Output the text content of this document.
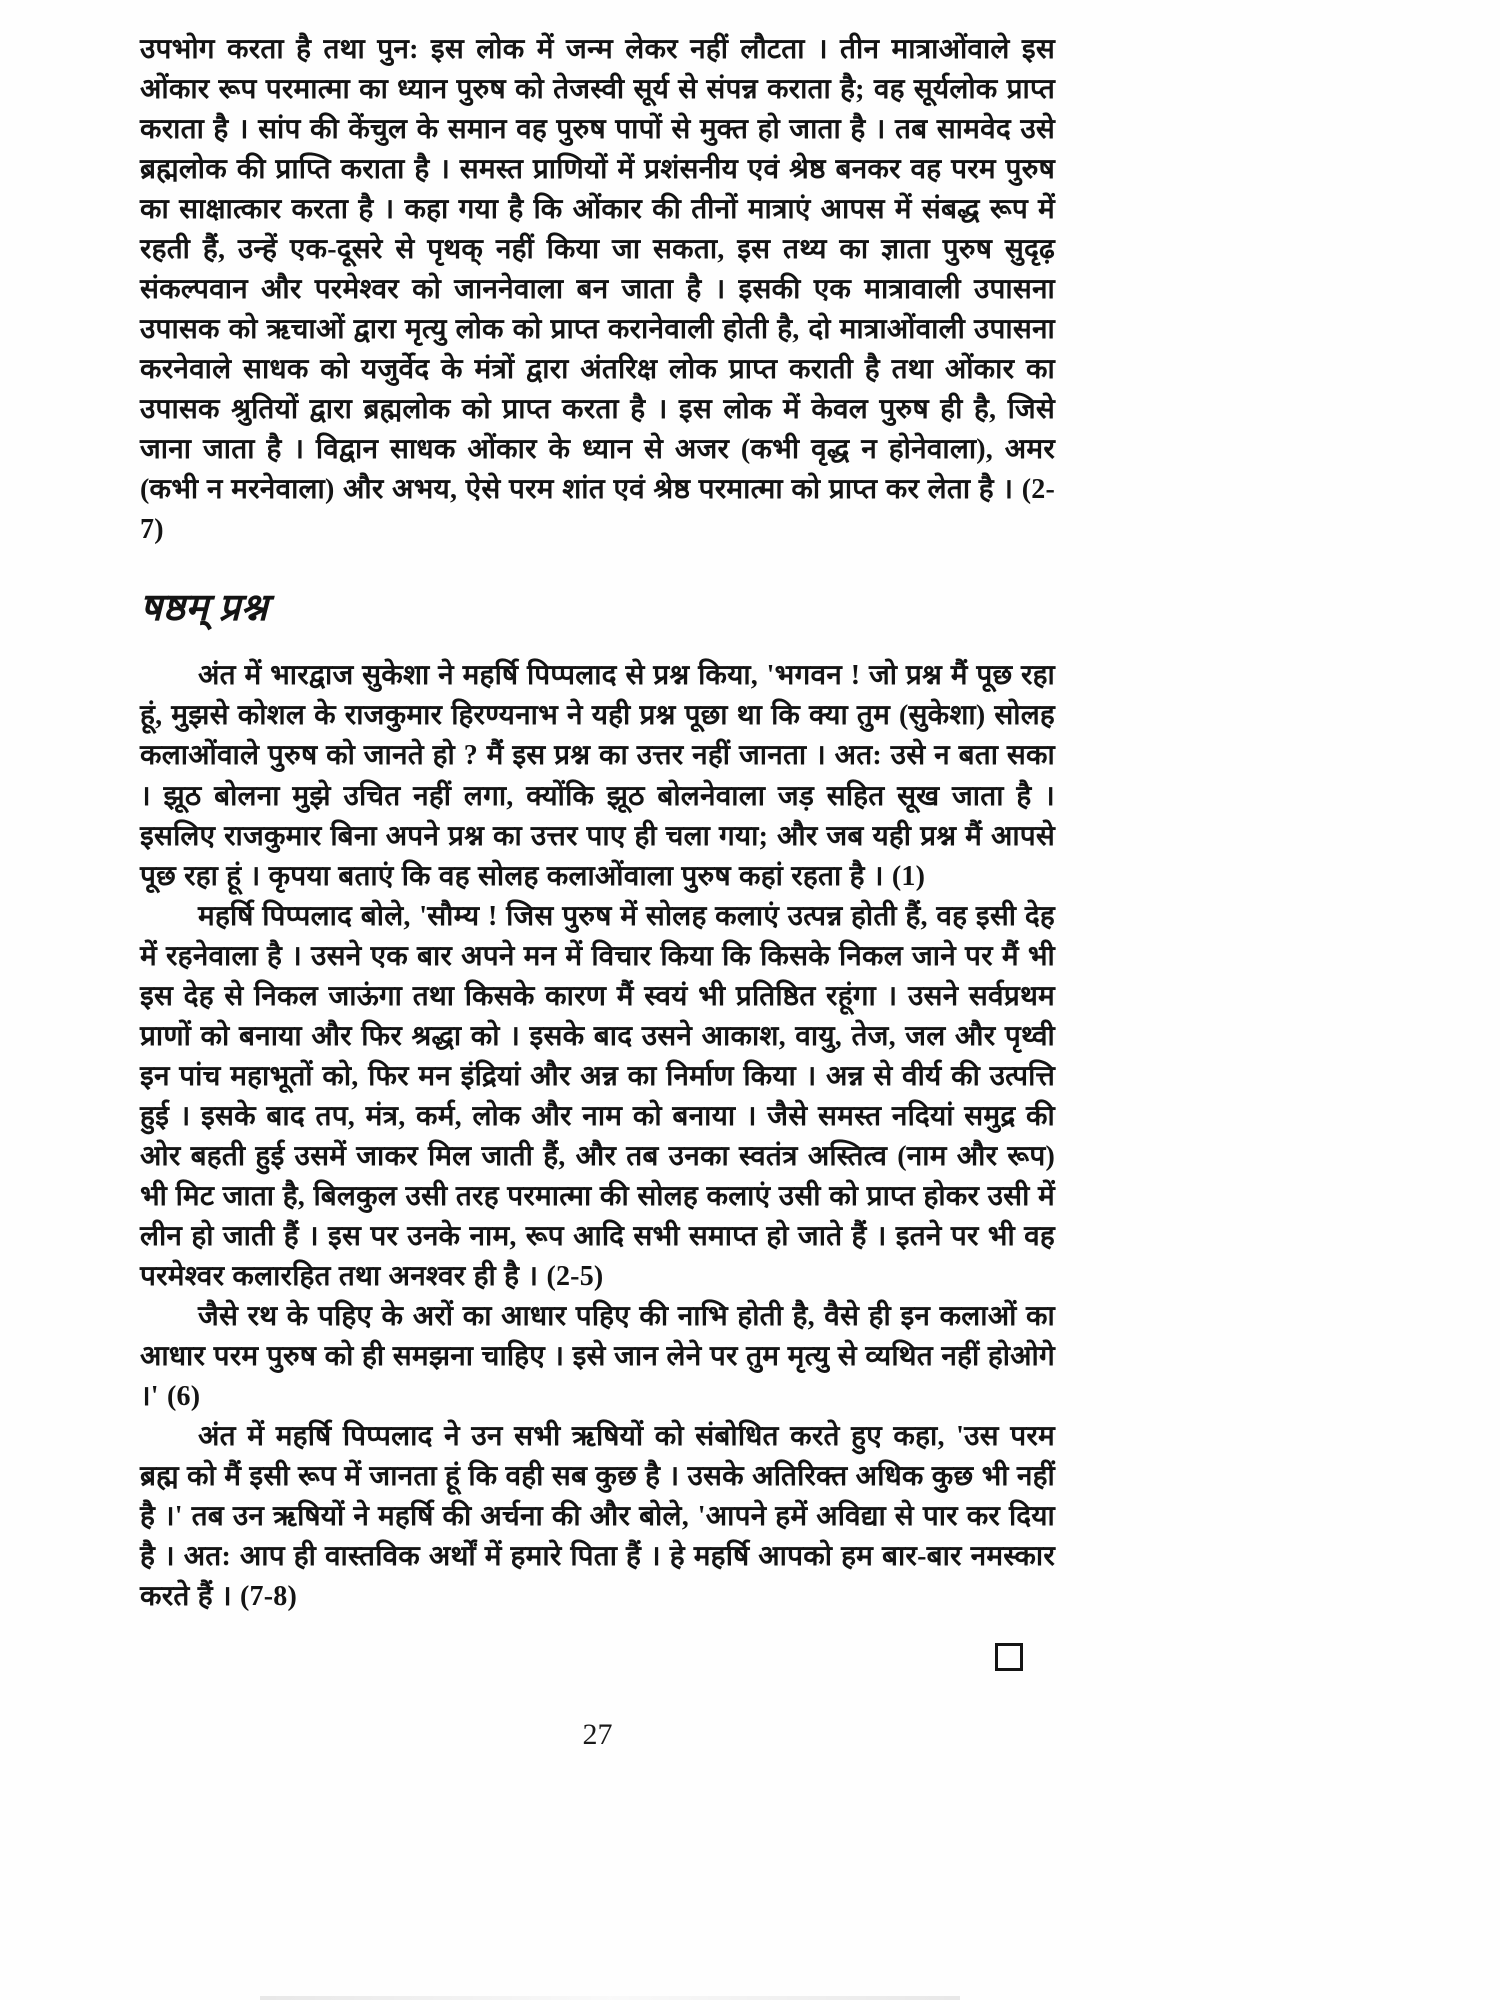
उपभोग करता है तथा पुन: इस लोक में जन्म लेकर नहीं लौटता । तीन मात्राओंवाले इस ओंकार रूप परमात्मा का ध्यान पुरुष को तेजस्वी सूर्य से संपन्न कराता है; वह सूर्यलोक प्राप्त कराता है । सांप की केंचुल के समान वह पुरुष पापों से मुक्त हो जाता है । तब सामवेद उसे ब्रह्मलोक की प्राप्ति कराता है । समस्त प्राणियों में प्रशंसनीय एवं श्रेष्ठ बनकर वह परम पुरुष का साक्षात्कार करता है । कहा गया है कि ओंकार की तीनों मात्राएं आपस में संबद्ध रूप में रहती हैं, उन्हें एक-दूसरे से पृथक् नहीं किया जा सकता, इस तथ्य का ज्ञाता पुरुष सुदृढ़ संकल्पवान और परमेश्वर को जाननेवाला बन जाता है । इसकी एक मात्रावाली उपासना उपासक को ऋचाओं द्वारा मृत्यु लोक को प्राप्त करानेवाली होती है, दो मात्राओंवाली उपासना करनेवाले साधक को यजुर्वेद के मंत्रों द्वारा अंतरिक्ष लोक प्राप्त कराती है तथा ओंकार का उपासक श्रुतियों द्वारा ब्रह्मलोक को प्राप्त करता है । इस लोक में केवल पुरुष ही है, जिसे जाना जाता है । विद्वान साधक ओंकार के ध्यान से अजर (कभी वृद्ध न होनेवाला), अमर (कभी न मरनेवाला) और अभय, ऐसे परम शांत एवं श्रेष्ठ परमात्मा को प्राप्त कर लेता है । (2-7)

षष्ठम् प्रश्न

अंत में भारद्वाज सुकेशा ने महर्षि पिप्पलाद से प्रश्न किया, 'भगवन ! जो प्रश्न मैं पूछ रहा हूं, मुझसे कोशल के राजकुमार हिरण्यनाभ ने यही प्रश्न पूछा था कि क्या तुम (सुकेशा) सोलह कलाओंवाले पुरुष को जानते हो ? मैं इस प्रश्न का उत्तर नहीं जानता । अत: उसे न बता सका । झूठ बोलना मुझे उचित नहीं लगा, क्योंकि झूठ बोलनेवाला जड़ सहित सूख जाता है । इसलिए राजकुमार बिना अपने प्रश्न का उत्तर पाए ही चला गया; और जब यही प्रश्न मैं आपसे पूछ रहा हूं । कृपया बताएं कि वह सोलह कलाओंवाला पुरुष कहां रहता है । (1)

महर्षि पिप्पलाद बोले, 'सौम्य ! जिस पुरुष में सोलह कलाएं उत्पन्न होती हैं, वह इसी देह में रहनेवाला है । उसने एक बार अपने मन में विचार किया कि किसके निकल जाने पर मैं भी इस देह से निकल जाऊंगा तथा किसके कारण मैं स्वयं भी प्रतिष्ठित रहूंगा । उसने सर्वप्रथम प्राणों को बनाया और फिर श्रद्धा को । इसके बाद उसने आकाश, वायु, तेज, जल और पृथ्वी इन पांच महाभूतों को, फिर मन इंद्रियां और अन्न का निर्माण किया । अन्न से वीर्य की उत्पत्ति हुई । इसके बाद तप, मंत्र, कर्म, लोक और नाम को बनाया । जैसे समस्त नदियां समुद्र की ओर बहती हुई उसमें जाकर मिल जाती हैं, और तब उनका स्वतंत्र अस्तित्व (नाम और रूप) भी मिट जाता है, बिलकुल उसी तरह परमात्मा की सोलह कलाएं उसी को प्राप्त होकर उसी में लीन हो जाती हैं । इस पर उनके नाम, रूप आदि सभी समाप्त हो जाते हैं । इतने पर भी वह परमेश्वर कलारहित तथा अनश्वर ही है । (2-5)

जैसे रथ के पहिए के अरों का आधार पहिए की नाभि होती है, वैसे ही इन कलाओं का आधार परम पुरुष को ही समझना चाहिए । इसे जान लेने पर तुम मृत्यु से व्यथित नहीं होओगे ।' (6)

अंत में महर्षि पिप्पलाद ने उन सभी ऋषियों को संबोधित करते हुए कहा, 'उस परम ब्रह्म को मैं इसी रूप में जानता हूं कि वही सब कुछ है । उसके अतिरिक्त अधिक कुछ भी नहीं है ।' तब उन ऋषियों ने महर्षि की अर्चना की और बोले, 'आपने हमें अविद्या से पार कर दिया है । अत: आप ही वास्तविक अर्थों में हमारे पिता हैं । हे महर्षि आपको हम बार-बार नमस्कार करते हैं । (7-8)

27
